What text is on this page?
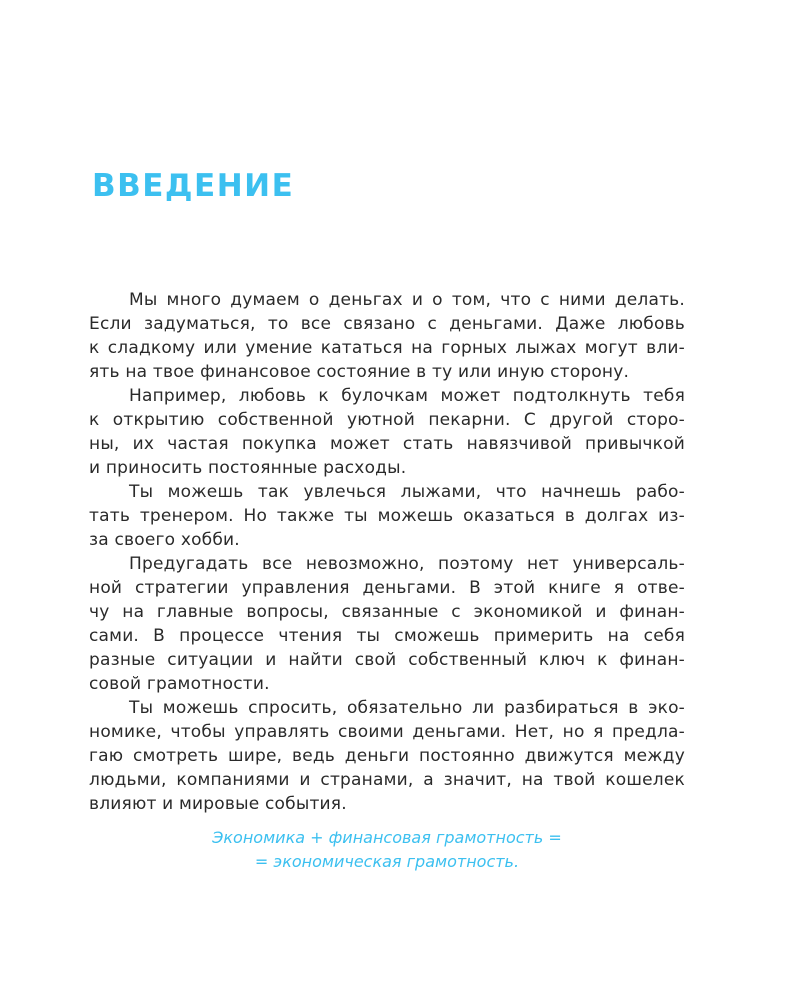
ВВЕДЕНИЕ

Мы много думаем о деньгах и о том, что с ними делать.
Если задуматься, то все связано с деньгами. Даже любовь
к сладкому или умение кататься на горных лыжах могут вли-
ять на твое финансовое состояние в ту или иную сторону.

Например, любовь к булочкам может подтолкнуть тебя
к открытию собственной уютной пекарни. С другой сторо-
ны, их частая покупка может стать навязчивой привычкой
и приносить постоянные расходы.

Ты можешь так увлечься лыжами, что начнешь рабо-
тать тренером. Но также ты можешь оказаться в долгах из-
за своего хобби.

Предугадать все невозможно, поэтому нет универсаль-
ной стратегии управления деньгами. В этой книге я отве-
чу на главные вопросы, связанные с экономикой и финан-
сами. В процессе чтения ты сможешь примерить на себя
разные ситуации и найти свой собственный ключ к финан-
совой грамотности.

Ты можешь спросить, обязательно ли разбираться в эко-
номике, чтобы управлять своими деньгами. Нет, но я предла-
гаю смотреть шире, ведь деньги постоянно движутся между
людьми, компаниями и странами, а значит, на твой кошелек
влияют и мировые события.

Экономика + финансовая грамотность =
= экономическая грамотность.
